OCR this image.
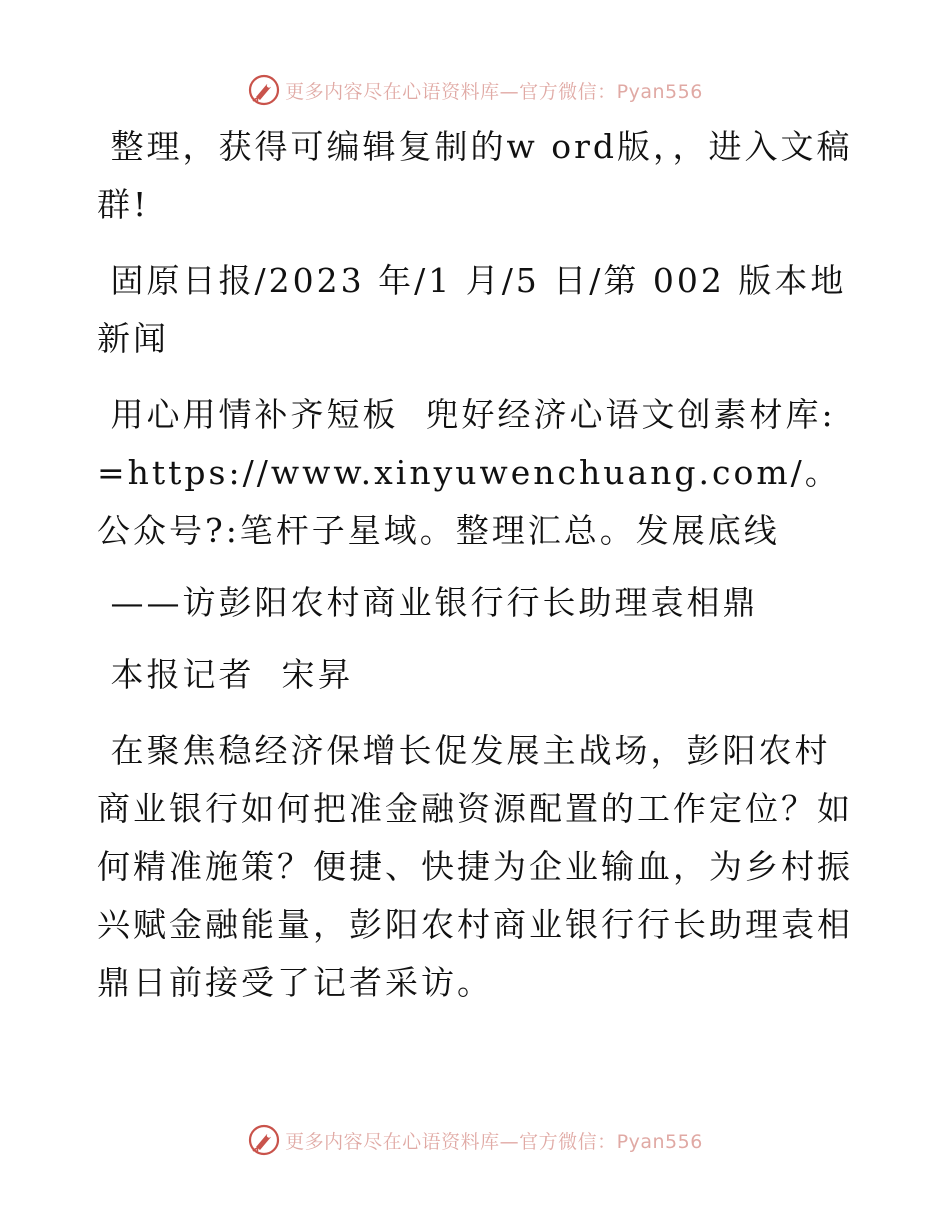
更多内容尽在心语资料库—官方微信：Pyan556

整理，获得可编辑复制的w ord版，，进入文稿群!

固原日报/2023 年/1 月/5 日/第 002 版本地新闻

用心用情补齐短板  兜好经济心语文创素材库: =https://www.xinyuwenchuang.com/。公众号?:笔杆子星域。整理汇总。发展底线

——访彭阳农村商业银行行长助理袁相鼎

本报记者  宋昇

在聚焦稳经济保增长促发展主战场，彭阳农村商业银行如何把准金融资源配置的工作定位？如何精准施策？便捷、快捷为企业输血，为乡村振兴赋金融能量，彭阳农村商业银行行长助理袁相鼎日前接受了记者采访。

更多内容尽在心语资料库—官方微信：Pyan556
